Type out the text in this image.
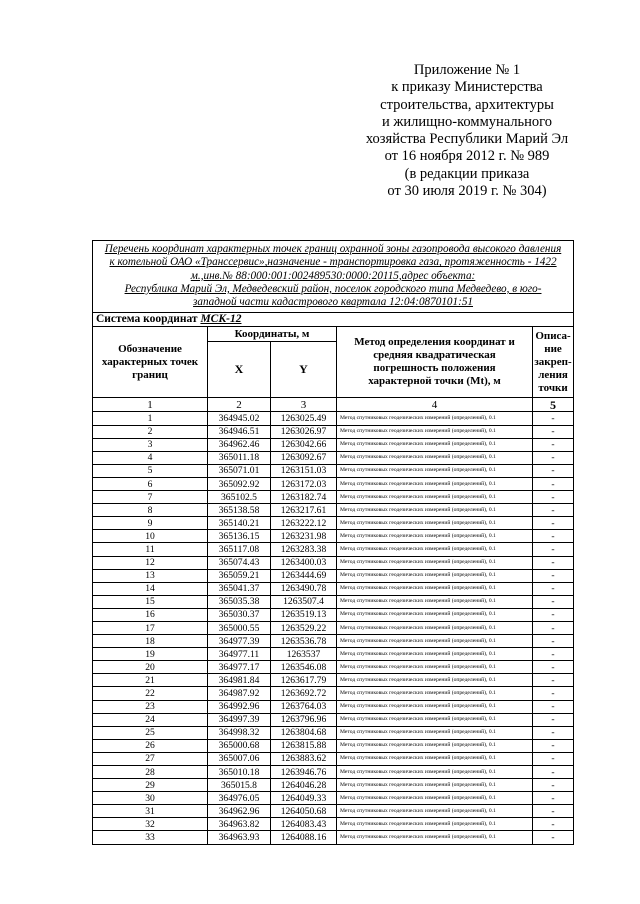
Приложение № 1
к приказу Министерства
строительства, архитектуры
и жилищно-коммунального
хозяйства Республики Марий Эл
от 16 ноября 2012 г. № 989
(в редакции приказа
от 30 июля 2019 г. № 304)
Перечень координат характерных точек границ охранной зоны газопровода высокого давления
к котельной ОАО «Транссервис»,назначение - транспортировка газа, протяженность - 1422
м.,инв.№ 88:000:001:002489530:0000:20115,адрес объекта:
Республика Марий Эл, Медведевский район, поселок городского типа Медведево, в юго-
западной части кадастрового квартала 12:04:0870101:51				

Система координат МСК-12				
Обозначение характерных точек границ	Координаты, м		Метод определения координат и средняя квадратическая погрешность положения характерной точки (Mt), м	Описа-ние закреп-ления точки
	X	Y		
1	2	3	4	5
1	364945.02	1263025.49	Метод спутниковых геодезических измерений (определений), 0.1	-
2	364946.51	1263026.97	Метод спутниковых геодезических измерений (определений), 0.1	-
3	364962.46	1263042.66	Метод спутниковых геодезических измерений (определений), 0.1	-
4	365011.18	1263092.67	Метод спутниковых геодезических измерений (определений), 0.1	-
5	365071.01	1263151.03	Метод спутниковых геодезических измерений (определений), 0.1	-
6	365092.92	1263172.03	Метод спутниковых геодезических измерений (определений), 0.1	-
7	365102.5	1263182.74	Метод спутниковых геодезических измерений (определений), 0.1	-
8	365138.58	1263217.61	Метод спутниковых геодезических измерений (определений), 0.1	-
9	365140.21	1263222.12	Метод спутниковых геодезических измерений (определений), 0.1	-
10	365136.15	1263231.98	Метод спутниковых геодезических измерений (определений), 0.1	-
11	365117.08	1263283.38	Метод спутниковых геодезических измерений (определений), 0.1	-
12	365074.43	1263400.03	Метод спутниковых геодезических измерений (определений), 0.1	-
13	365059.21	1263444.69	Метод спутниковых геодезических измерений (определений), 0.1	-
14	365041.37	1263490.78	Метод спутниковых геодезических измерений (определений), 0.1	-
15	365035.38	1263507.4	Метод спутниковых геодезических измерений (определений), 0.1	-
16	365030.37	1263519.13	Метод спутниковых геодезических измерений (определений), 0.1	-
17	365000.55	1263529.22	Метод спутниковых геодезических измерений (определений), 0.1	-
18	364977.39	1263536.78	Метод спутниковых геодезических измерений (определений), 0.1	-
19	364977.11	1263537	Метод спутниковых геодезических измерений (определений), 0.1	-
20	364977.17	1263546.08	Метод спутниковых геодезических измерений (определений), 0.1	-
21	364981.84	1263617.79	Метод спутниковых геодезических измерений (определений), 0.1	-
22	364987.92	1263692.72	Метод спутниковых геодезических измерений (определений), 0.1	-
23	364992.96	1263764.03	Метод спутниковых геодезических измерений (определений), 0.1	-
24	364997.39	1263796.96	Метод спутниковых геодезических измерений (определений), 0.1	-
25	364998.32	1263804.68	Метод спутниковых геодезических измерений (определений), 0.1	-
26	365000.68	1263815.88	Метод спутниковых геодезических измерений (определений), 0.1	-
27	365007.06	1263883.62	Метод спутниковых геодезических измерений (определений), 0.1	-
28	365010.18	1263946.76	Метод спутниковых геодезических измерений (определений), 0.1	-
29	365015.8	1264046.28	Метод спутниковых геодезических измерений (определений), 0.1	-
30	364976.05	1264049.33	Метод спутниковых геодезических измерений (определений), 0.1	-
31	364962.96	1264050.68	Метод спутниковых геодезических измерений (определений), 0.1	-
32	364963.82	1264083.43	Метод спутниковых геодезических измерений (определений), 0.1	-
33	364963.93	1264088.16	Метод спутниковых геодезических измерений (определений), 0.1	-
